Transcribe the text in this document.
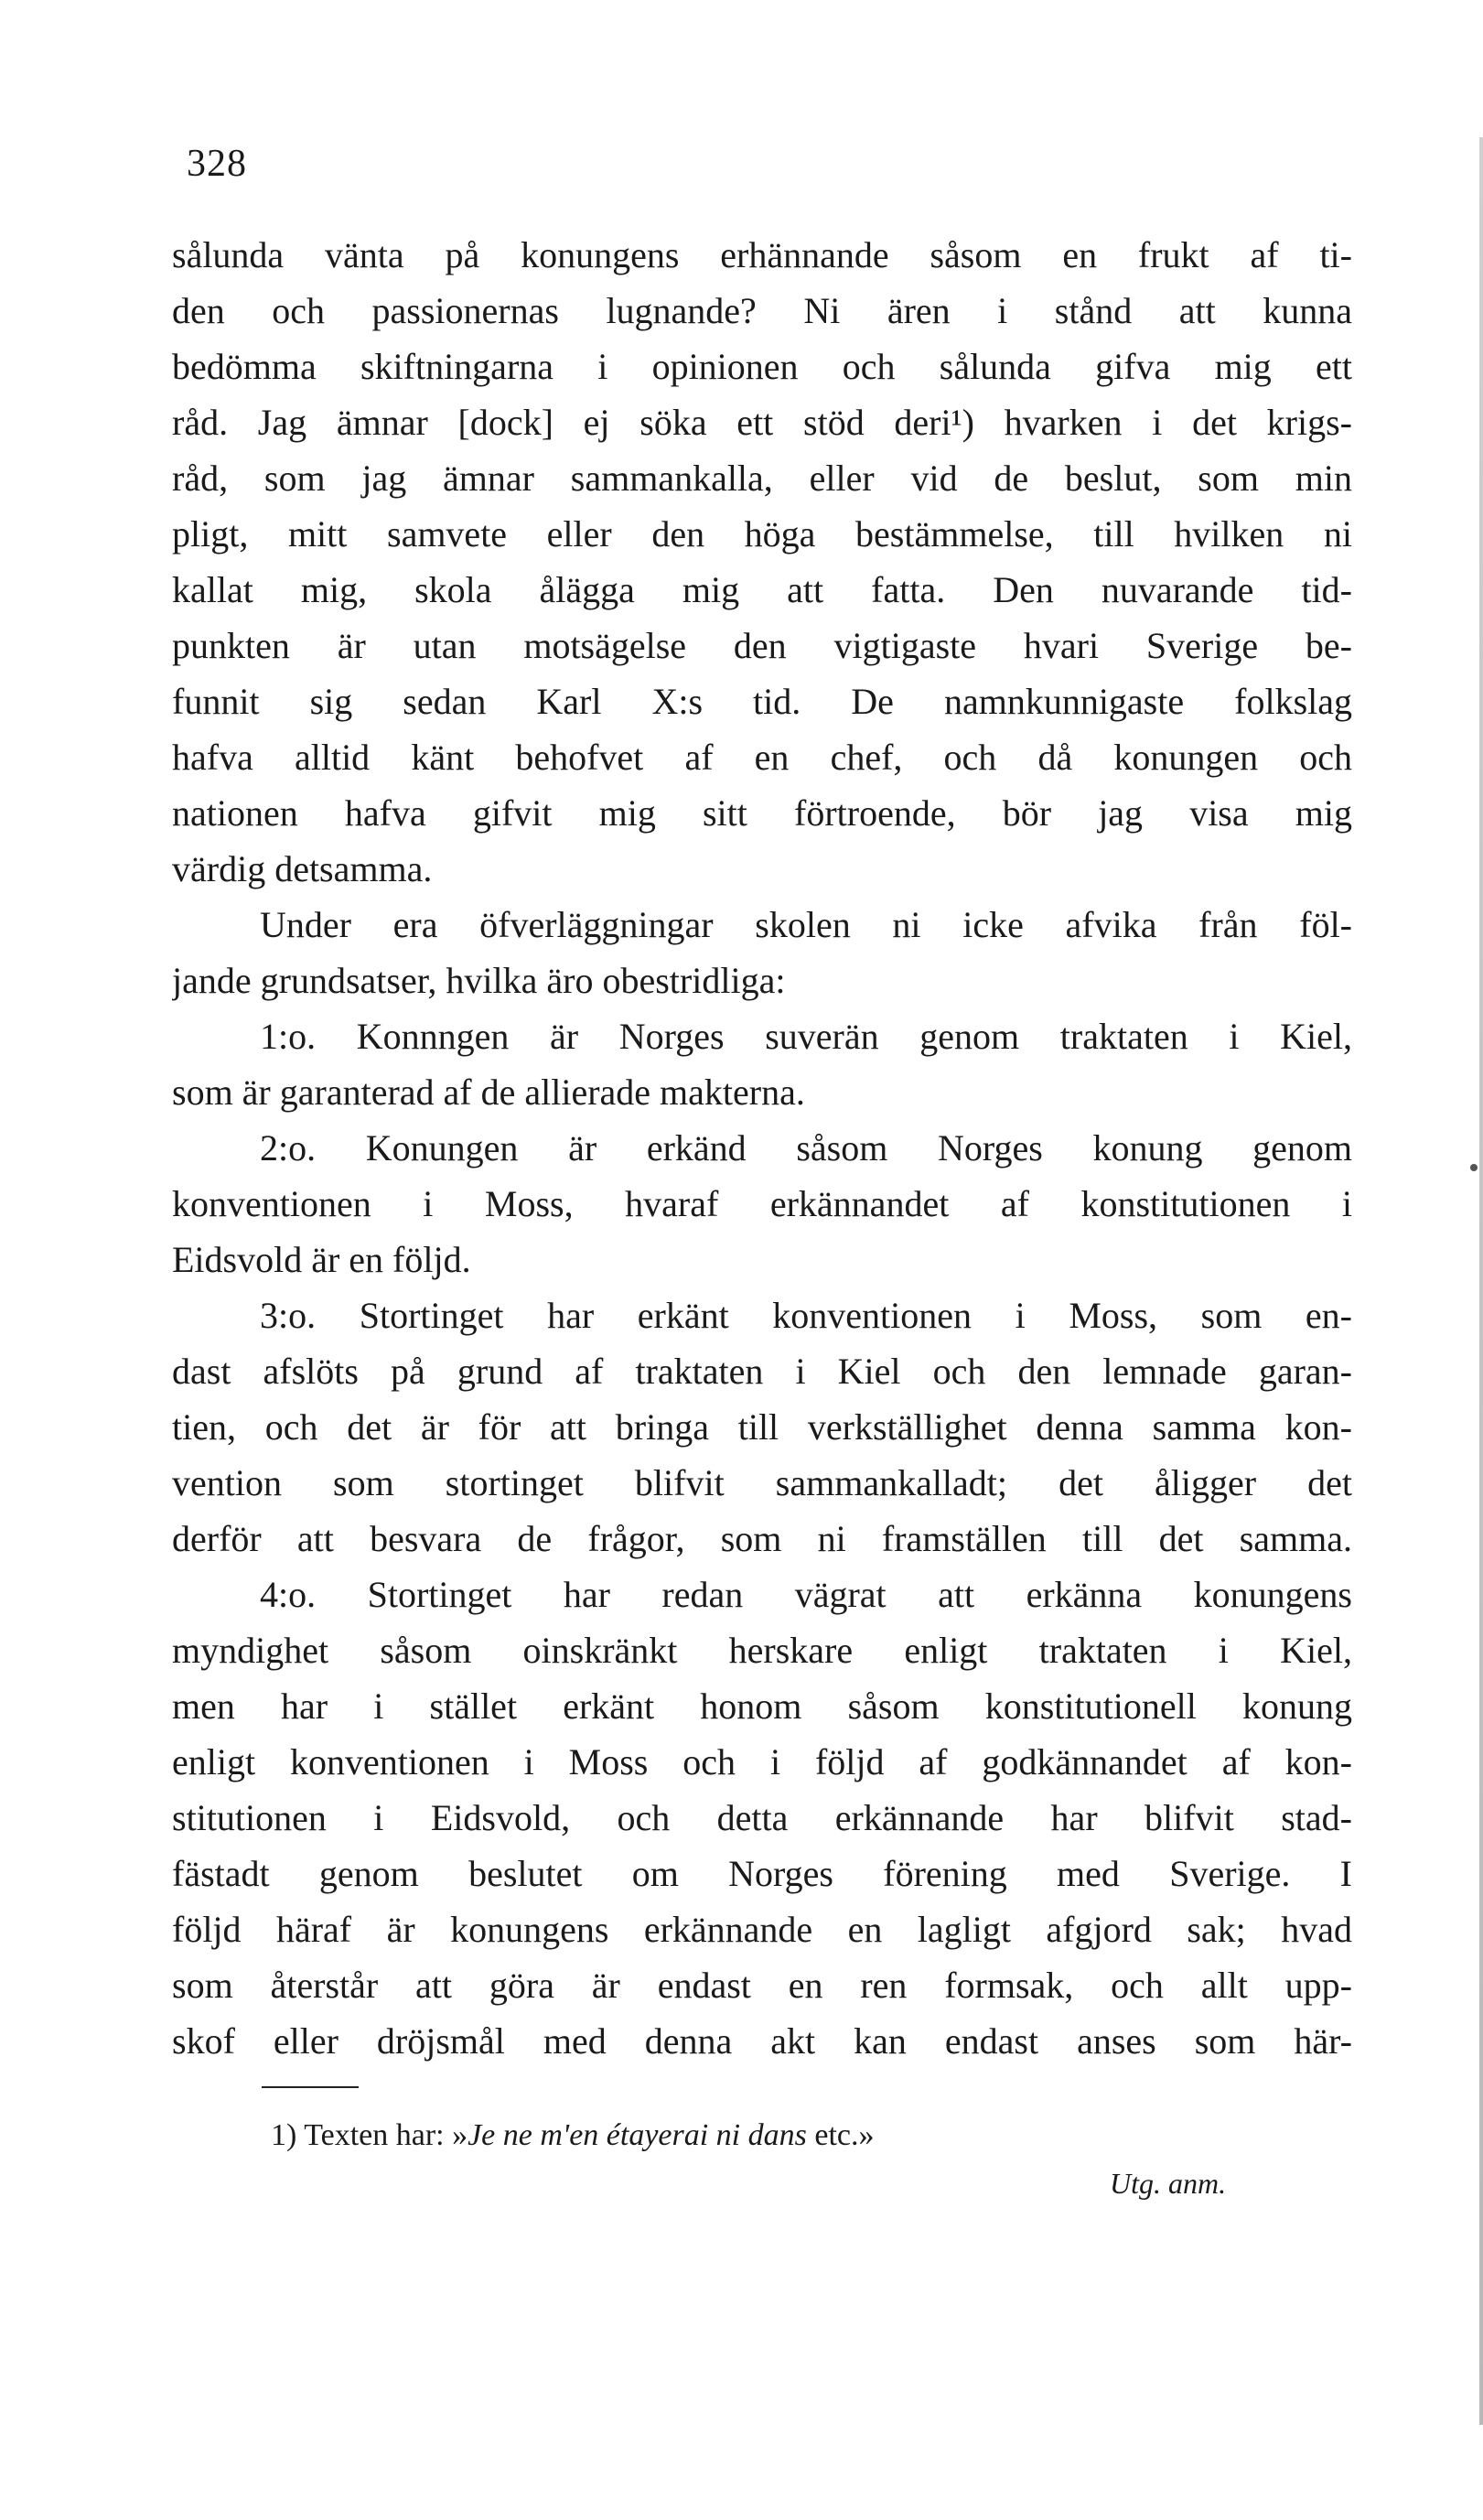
328
sålunda vänta på konungens erhännande såsom en frukt af ti-
den och passionernas lugnande? Ni ären i stånd att kunna
bedömma skiftningarna i opinionen och sålunda gifva mig ett
råd. Jag ämnar [dock] ej söka ett stöd deri¹) hvarken i det krigs-
råd, som jag ämnar sammankalla, eller vid de beslut, som min
pligt, mitt samvete eller den höga bestämmelse, till hvilken ni
kallat mig, skola ålägga mig att fatta. Den nuvarande tid-
punkten är utan motsägelse den vigtigaste hvari Sverige be-
funnit sig sedan Karl X:s tid. De namnkunnigaste folkslag
hafva alltid känt behofvet af en chef, och då konungen och
nationen hafva gifvit mig sitt förtroende, bör jag visa mig
värdig detsamma.
Under era öfverläggningar skolen ni icke afvika från föl-
jande grundsatser, hvilka äro obestridliga:
1:o. Konnngen är Norges suverän genom traktaten i Kiel,
som är garanterad af de allierade makterna.
2:o. Konungen är erkänd såsom Norges konung genom
konventionen i Moss, hvaraf erkännandet af konstitutionen i
Eidsvold är en följd.
3:o. Stortinget har erkänt konventionen i Moss, som en-
dast afslöts på grund af traktaten i Kiel och den lemnade garan-
tien, och det är för att bringa till verkställighet denna samma kon-
vention som stortinget blifvit sammankalladt; det åligger det
derför att besvara de frågor, som ni framställen till det samma.
4:o. Stortinget har redan vägrat att erkänna konungens
myndighet såsom oinskränkt herskare enligt traktaten i Kiel,
men har i stället erkänt honom såsom konstitutionell konung
enligt konventionen i Moss och i följd af godkännandet af kon-
stitutionen i Eidsvold, och detta erkännande har blifvit stad-
fästadt genom beslutet om Norges förening med Sverige. I
följd häraf är konungens erkännande en lagligt afgjord sak; hvad
som återstår att göra är endast en ren formsak, och allt upp-
skof eller dröjsmål med denna akt kan endast anses som här-
1) Texten har: »Je ne m'en étayerai ni dans etc.»
Utg. anm.
